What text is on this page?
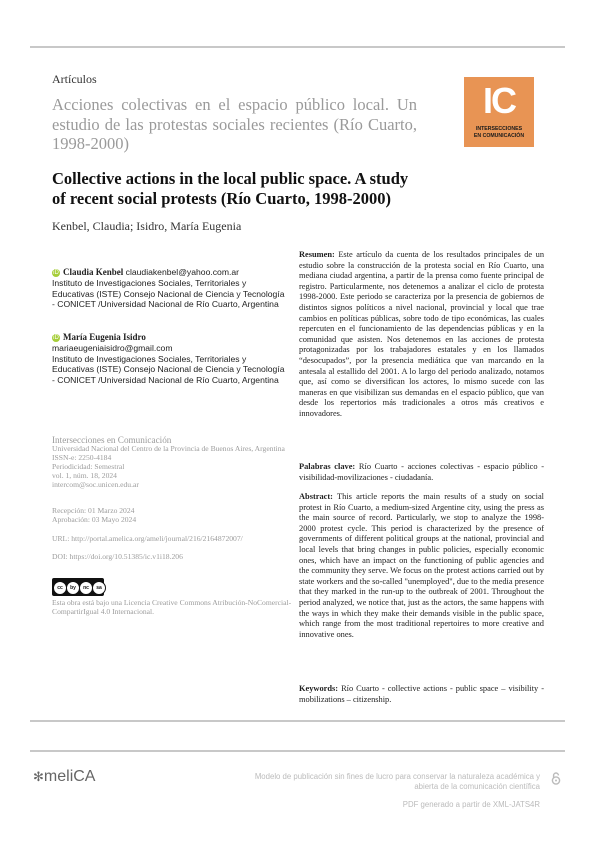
Artículos
Acciones colectivas en el espacio público local. Un estudio de las protestas sociales recientes (Río Cuarto, 1998-2000)
Collective actions in the local public space. A study of recent social protests (Río Cuarto, 1998-2000)
Kenbel, Claudia; Isidro, María Eugenia
IC
INTERSECCIONES
EN COMUNICACIÓN
iD Claudia Kenbel claudiakenbel@yahoo.com.ar
Instituto de Investigaciones Sociales, Territoriales y Educativas (ISTE) Consejo Nacional de Ciencia y Tecnología - CONICET /Universidad Nacional de Río Cuarto, Argentina
iD María Eugenia Isidro
mariaeugeniaisidro@gmail.com
Instituto de Investigaciones Sociales, Territoriales y Educativas (ISTE) Consejo Nacional de Ciencia y Tecnología - CONICET /Universidad Nacional de Río Cuarto, Argentina
Intersecciones en Comunicación
Universidad Nacional del Centro de la Provincia de Buenos Aires, Argentina
ISSN-e: 2250-4184
Periodicidad: Semestral
vol. 1, núm. 18, 2024
intercom@soc.unicen.edu.ar
Recepción: 01 Marzo 2024
Aprobación: 03 Mayo 2024
URL: http://portal.amelica.org/ameli/journal/216/2164872007/
DOI: https://doi.org/10.51385/ic.v1i18.206
cc	by	nc	sa
Esta obra está bajo una Licencia Creative Commons Atribución-NoComercial-CompartirIgual 4.0 Internacional.
Resumen: Este artículo da cuenta de los resultados principales de un estudio sobre la construcción de la protesta social en Río Cuarto, una mediana ciudad argentina, a partir de la prensa como fuente principal de registro. Particularmente, nos detenemos a analizar el ciclo de protesta 1998-2000. Este periodo se caracteriza por la presencia de gobiernos de distintos signos políticos a nivel nacional, provincial y local que trae cambios en políticas públicas, sobre todo de tipo económicas, las cuales repercuten en el funcionamiento de las dependencias públicas y en la comunidad que asisten. Nos detenemos en las acciones de protesta protagonizadas por los trabajadores estatales y en los llamados “desocupados”, por la presencia mediática que van marcando en la antesala al estallido del 2001. A lo largo del periodo analizado, notamos que, así como se diversifican los actores, lo mismo sucede con las maneras en que visibilizan sus demandas en el espacio público, que van desde los repertorios más tradicionales a otros más creativos e innovadores.
Palabras clave: Río Cuarto - acciones colectivas - espacio público - visibilidad-movilizaciones - ciudadanía.
Abstract: This article reports the main results of a study on social protest in Río Cuarto, a medium-sized Argentine city, using the press as the main source of record. Particularly, we stop to analyze the 1998-2000 protest cycle. This period is characterized by the presence of governments of different political groups at the national, provincial and local levels that bring changes in public policies, especially economic ones, which have an impact on the functioning of public agencies and the community they serve. We focus on the protest actions carried out by state workers and the so-called "unemployed", due to the media presence that they marked in the run-up to the outbreak of 2001. Throughout the period analyzed, we notice that, just as the actors, the same happens with the ways in which they make their demands visible in the public space, which range from the most traditional repertoires to more creative and innovative ones.
Keywords: Río Cuarto - collective actions - public space – visibility - mobilizations – citizenship.
✻meliCA	Modelo de publicación sin fines de lucro para conservar la naturaleza académica y
abierta de la comunicación científica
PDF generado a partir de XML-JATS4R
